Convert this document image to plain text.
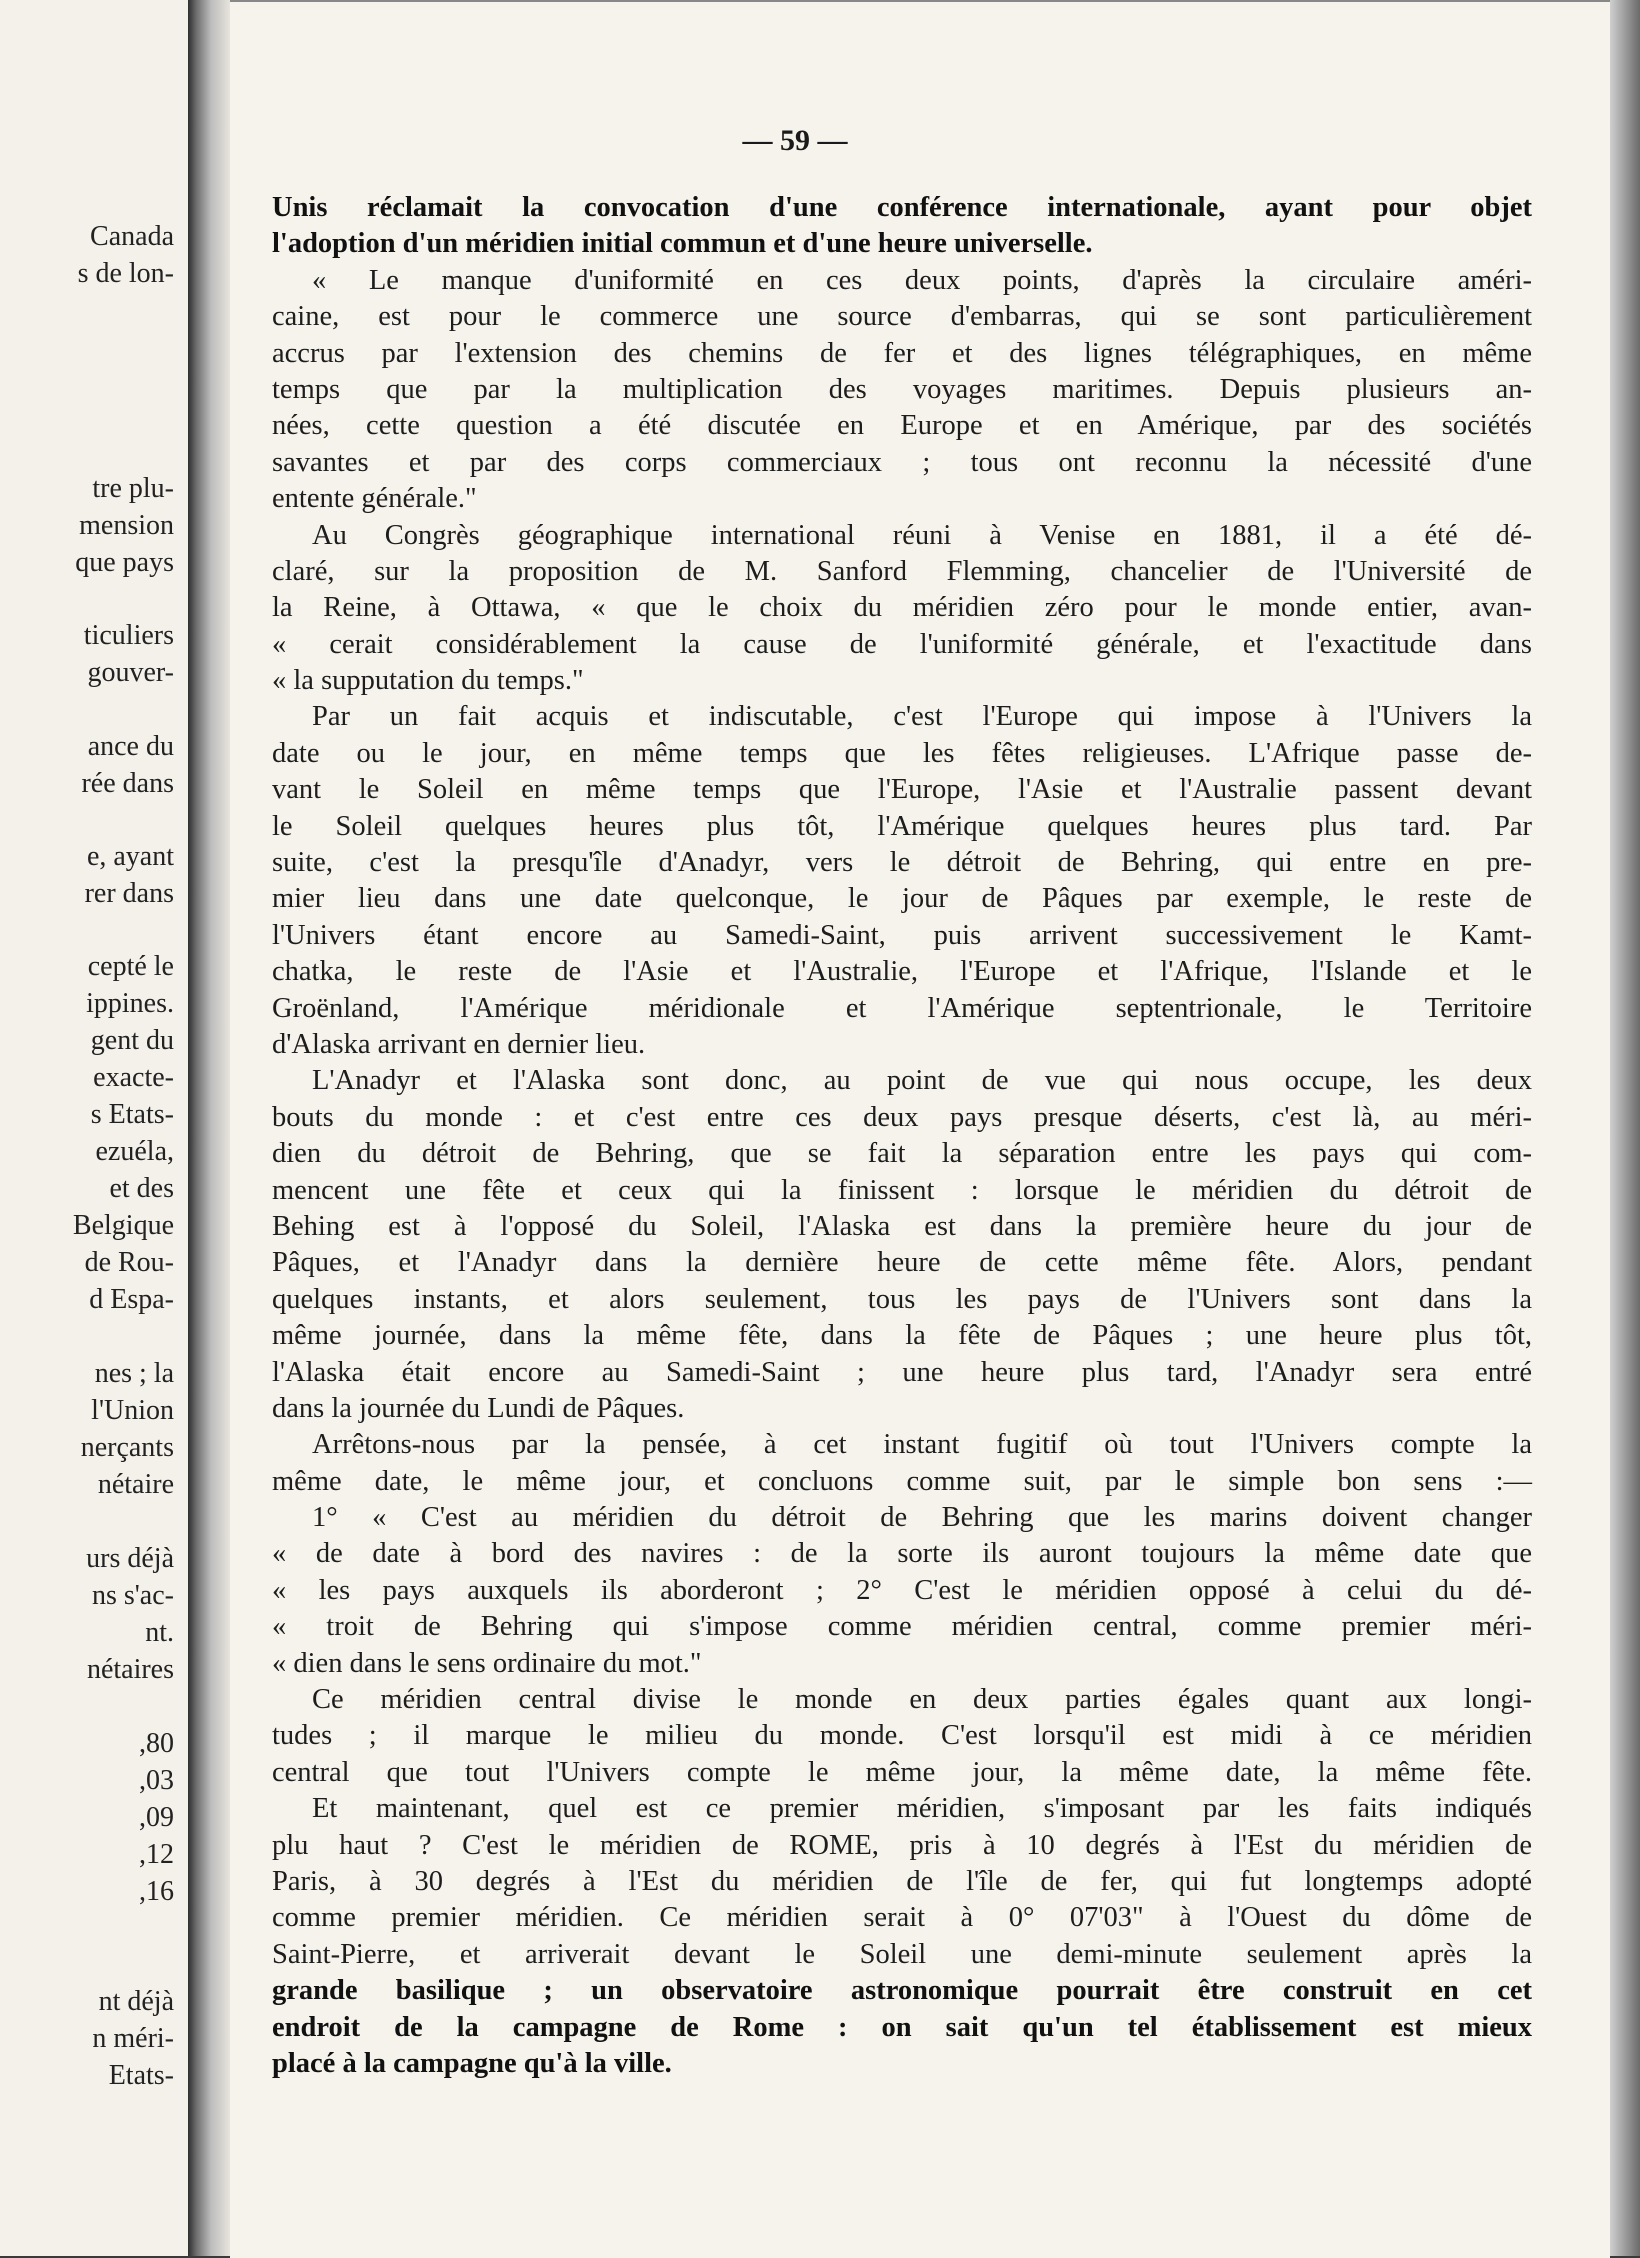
Canada
s de lon-
tre plu-
mension
que pays
ticuliers
gouver-
ance du
rée dans
e, ayant
rer dans
cepté le
ippines.
gent du
exacte-
s Etats-
ezuéla,
et des
Belgique
de Rou-
d Espa-
nes ; la
l'Union
nerçants
nétaire
urs déjà
ns s'ac-
nt.
nétaires
,80
,03
,09
,12
,16
nt déjà
n méri-
Etats-
— 59 —
Unis réclamait la convocation d'une conférence internationale, ayant pour objet
l'adoption d'un méridien initial commun et d'une heure universelle.
« Le manque d'uniformité en ces deux points, d'après la circulaire améri-
caine, est pour le commerce une source d'embarras, qui se sont particulièrement
accrus par l'extension des chemins de fer et des lignes télégraphiques, en même
temps que par la multiplication des voyages maritimes. Depuis plusieurs an-
nées, cette question a été discutée en Europe et en Amérique, par des sociétés
savantes et par des corps commerciaux ; tous ont reconnu la nécessité d'une
entente générale."
Au Congrès géographique international réuni à Venise en 1881, il a été dé-
claré, sur la proposition de M. Sanford Flemming, chancelier de l'Université de
la Reine, à Ottawa, « que le choix du méridien zéro pour le monde entier, avan-
« cerait considérablement la cause de l'uniformité générale, et l'exactitude dans
« la supputation du temps."
Par un fait acquis et indiscutable, c'est l'Europe qui impose à l'Univers la
date ou le jour, en même temps que les fêtes religieuses. L'Afrique passe de-
vant le Soleil en même temps que l'Europe, l'Asie et l'Australie passent devant
le Soleil quelques heures plus tôt, l'Amérique quelques heures plus tard. Par
suite, c'est la presqu'île d'Anadyr, vers le détroit de Behring, qui entre en pre-
mier lieu dans une date quelconque, le jour de Pâques par exemple, le reste de
l'Univers étant encore au Samedi-Saint, puis arrivent successivement le Kamt-
chatka, le reste de l'Asie et l'Australie, l'Europe et l'Afrique, l'Islande et le
Groënland, l'Amérique méridionale et l'Amérique septentrionale, le Territoire
d'Alaska arrivant en dernier lieu.
L'Anadyr et l'Alaska sont donc, au point de vue qui nous occupe, les deux
bouts du monde : et c'est entre ces deux pays presque déserts, c'est là, au méri-
dien du détroit de Behring, que se fait la séparation entre les pays qui com-
mencent une fête et ceux qui la finissent : lorsque le méridien du détroit de
Behing est à l'opposé du Soleil, l'Alaska est dans la première heure du jour de
Pâques, et l'Anadyr dans la dernière heure de cette même fête. Alors, pendant
quelques instants, et alors seulement, tous les pays de l'Univers sont dans la
même journée, dans la même fête, dans la fête de Pâques ; une heure plus tôt,
l'Alaska était encore au Samedi-Saint ; une heure plus tard, l'Anadyr sera entré
dans la journée du Lundi de Pâques.
Arrêtons-nous par la pensée, à cet instant fugitif où tout l'Univers compte la
même date, le même jour, et concluons comme suit, par le simple bon sens :—
1° « C'est au méridien du détroit de Behring que les marins doivent changer
« de date à bord des navires : de la sorte ils auront toujours la même date que
« les pays auxquels ils aborderont ; 2° C'est le méridien opposé à celui du dé-
« troit de Behring qui s'impose comme méridien central, comme premier méri-
« dien dans le sens ordinaire du mot."
Ce méridien central divise le monde en deux parties égales quant aux longi-
tudes ; il marque le milieu du monde. C'est lorsqu'il est midi à ce méridien
central que tout l'Univers compte le même jour, la même date, la même fête.
Et maintenant, quel est ce premier méridien, s'imposant par les faits indiqués
plu haut ? C'est le méridien de ROME, pris à 10 degrés à l'Est du méridien de
Paris, à 30 degrés à l'Est du méridien de l'île de fer, qui fut longtemps adopté
comme premier méridien. Ce méridien serait à 0° 07'03" à l'Ouest du dôme de
Saint-Pierre, et arriverait devant le Soleil une demi-minute seulement après la
grande basilique ; un observatoire astronomique pourrait être construit en cet
endroit de la campagne de Rome : on sait qu'un tel établissement est mieux
placé à la campagne qu'à la ville.
